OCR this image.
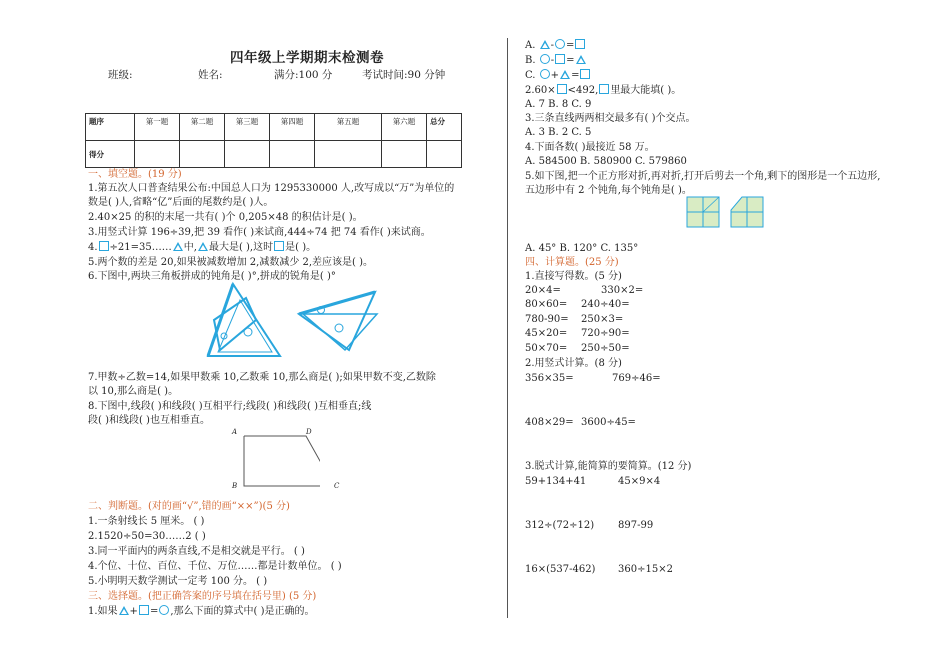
四年级上学期期末检测卷
班级:	姓名:	满分:100 分	考试时间:90 分钟
题序	第一题	第二题	第三题	第四题	第五题	第六题	总分
得分							
一、填空题。(19 分)
1.第五次人口普查结果公布:中国总人口为 1295330000 人,改写成以“万”为单位的
数是( )人,省略“亿”后面的尾数约是( )人。
2.40×25 的积的末尾一共有( )个 0,205×48 的积估计是( )。
3.用竖式计算 196÷39,把 39 看作( )来试商,444÷74 把 74 看作( )来试商。
4. ÷21=35…… 中, 最大是( ),这时 是( )。
5.两个数的差是 20,如果被减数增加 2,减数减少 2,差应该是( )。
6.下图中,两块三角板拼成的钝角是( )°,拼成的锐角是( )°
7.甲数÷乙数=14,如果甲数乘 10,乙数乘 10,那么商是( );如果甲数不变,乙数除
以 10,那么商是( )。
8.下图中,线段( )和线段( )互相平行;线段( )和线段( )互相垂直;线
段( )和线段( )也互相垂直。
A	D
B	C
二、判断题。(对的画“√”,错的画“××”)(5 分)
1.一条射线长 5 厘米。 ( )
2.1520÷50=30……2 ( )
3.同一平面内的两条直线,不是相交就是平行。 ( )
4.个位、十位、百位、千位、万位……都是计数单位。 ( )
5.小明明天数学测试一定考 100 分。 ( )
三、选择题。(把正确答案的序号填在括号里) (5 分)
1.如果 + = ,那么下面的算式中( )是正确的。
A. - =
B. - =
C. + =
2.60× <492, 里最大能填( )。
A. 7 B. 8 C. 9
3.三条直线两两相交最多有( )个交点。
A. 3 B. 2 C. 5
4.下面各数( )最接近 58 万。
A. 584500 B. 580900 C. 579860
5.如下图,把一个正方形对折,再对折,打开后剪去一个角,剩下的图形是一个五边形,
五边形中有 2 个钝角,每个钝角是( )。
A. 45° B. 120° C. 135°
四、计算题。(25 分)
1.直接写得数。(5 分)
20×4=	330×2=
80×60= 240÷40=
780-90= 250×3=
45×20= 720÷90=
50×70= 250÷50=
2.用竖式计算。(8 分)
356×35=	769÷46=
408×29= 3600÷45=
3.脱式计算,能简算的要简算。(12 分)
59+134+41	45×9×4
312÷(72÷12) 897-99
16×(537-462) 360÷15×2
